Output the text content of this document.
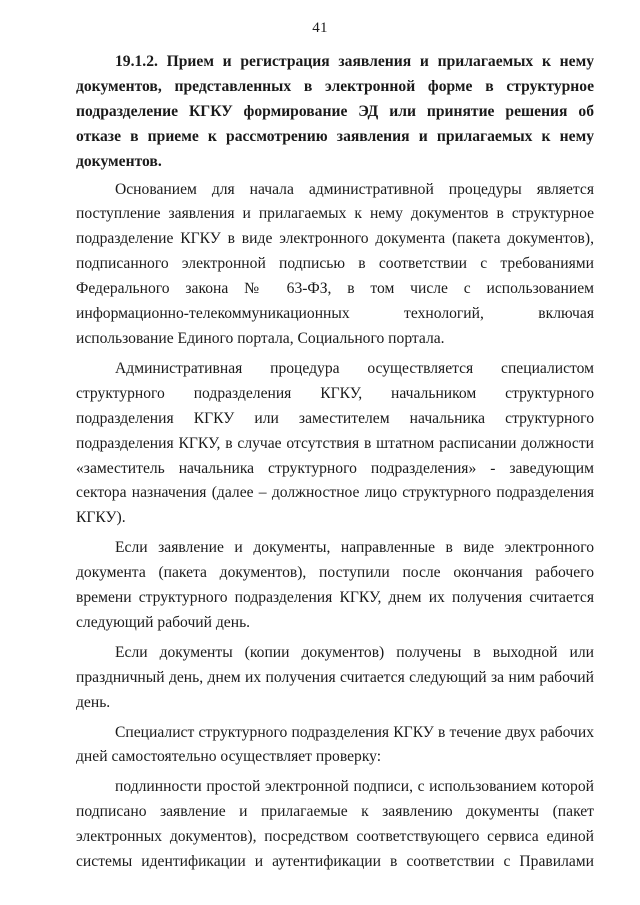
41

19.1.2. Прием и регистрация заявления и прилагаемых к нему документов, представленных в электронной форме в структурное подразделение КГКУ формирование ЭД или принятие решения об отказе в приеме к рассмотрению заявления и прилагаемых к нему документов.

Основанием для начала административной процедуры является поступление заявления и прилагаемых к нему документов в структурное подразделение КГКУ в виде электронного документа (пакета документов), подписанного электронной подписью в соответствии с требованиями Федерального закона № 63-ФЗ, в том числе с использованием информационно-телекоммуникационных технологий, включая использование Единого портала, Социального портала.

Административная процедура осуществляется специалистом структурного подразделения КГКУ, начальником структурного подразделения КГКУ или заместителем начальника структурного подразделения КГКУ, в случае отсутствия в штатном расписании должности «заместитель начальника структурного подразделения» - заведующим сектора назначения (далее – должностное лицо структурного подразделения КГКУ).

Если заявление и документы, направленные в виде электронного документа (пакета документов), поступили после окончания рабочего времени структурного подразделения КГКУ, днем их получения считается следующий рабочий день.

Если документы (копии документов) получены в выходной или праздничный день, днем их получения считается следующий за ним рабочий день.

Специалист структурного подразделения КГКУ в течение двух рабочих дней самостоятельно осуществляет проверку:

подлинности простой электронной подписи, с использованием которой подписано заявление и прилагаемые к заявлению документы (пакет электронных документов), посредством соответствующего сервиса единой системы идентификации и аутентификации в соответствии с Правилами
